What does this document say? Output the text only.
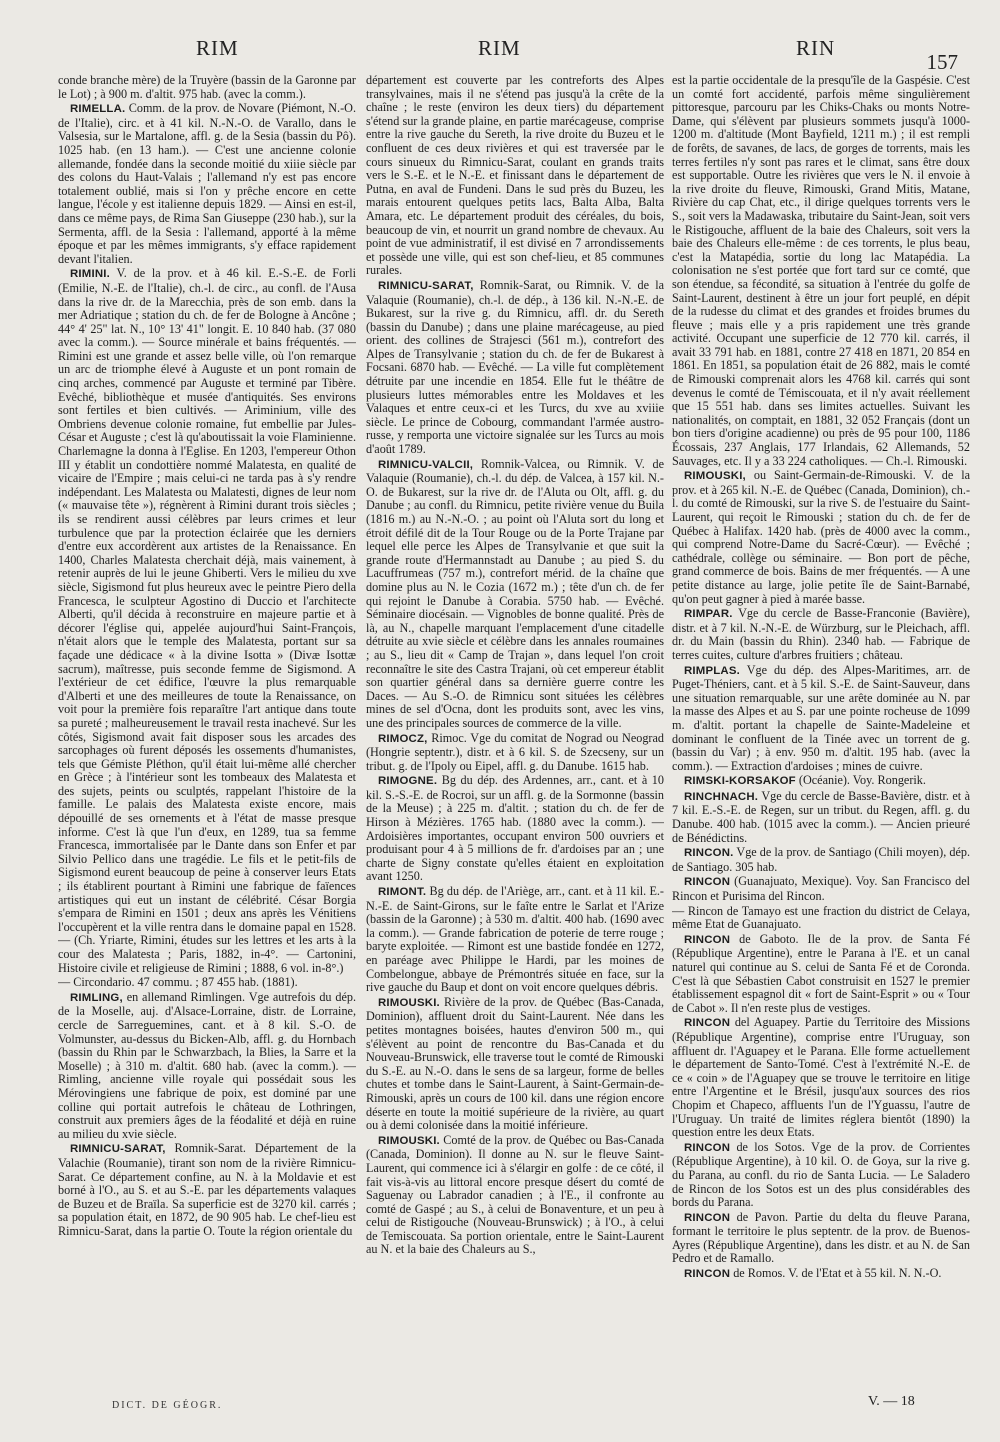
RIM	RIM	RIN
157

conde branche mère) de la Truyère (bassin de la Garonne par le Lot) ; à 900 m. d'altit. 975 hab. (avec la comm.).

RIMELLA. Comm. de la prov. de Novare (Piémont, N.-O. de l'Italie), circ. et à 41 kil. N.-N.-O. de Varallo, dans le Valsesia, sur le Martalone, affl. g. de la Sesia (bassin du Pô). 1025 hab. (en 13 ham.). — C'est une ancienne colonie allemande, fondée dans la seconde moitié du xiiie siècle par des colons du Haut-Valais ; l'allemand n'y est pas encore totalement oublié, mais si l'on y prêche encore en cette langue, l'école y est italienne depuis 1829. — Ainsi en est-il, dans ce même pays, de Rima San Giuseppe (230 hab.), sur la Sermenta, affl. de la Sesia : l'allemand, apporté à la même époque et par les mêmes immigrants, s'y efface rapidement devant l'italien.

RIMINI. V. de la prov. et à 46 kil. E.-S.-E. de Forli (Emilie, N.-E. de l'Italie), ch.-l. de circ., au confl. de l'Ausa dans la rive dr. de la Marecchia, près de son emb. dans la mer Adriatique ; station du ch. de fer de Bologne à Ancône ; 44° 4' 25" lat. N., 10° 13' 41" longit. E. 10 840 hab. (37 080 avec la comm.). — Source minérale et bains fréquentés. — Rimini est une grande et assez belle ville, où l'on remarque un arc de triomphe élevé à Auguste et un pont romain de cinq arches, commencé par Auguste et terminé par Tibère. Evêché, bibliothèque et musée d'antiquités. Ses environs sont fertiles et bien cultivés. — Ariminium, ville des Ombriens devenue colonie romaine, fut embellie par Jules-César et Auguste ; c'est là qu'aboutissait la voie Flaminienne. Charlemagne la donna à l'Eglise. En 1203, l'empereur Othon III y établit un condottière nommé Malatesta, en qualité de vicaire de l'Empire ; mais celui-ci ne tarda pas à s'y rendre indépendant. Les Malatesta ou Malatesti, dignes de leur nom (« mauvaise tête »), régnèrent à Rimini durant trois siècles ; ils se rendirent aussi célèbres par leurs crimes et leur turbulence que par la protection éclairée que les derniers d'entre eux accordèrent aux artistes de la Renaissance. En 1400, Charles Malatesta cherchait déjà, mais vainement, à retenir auprès de lui le jeune Ghiberti. Vers le milieu du xve siècle, Sigismond fut plus heureux avec le peintre Piero della Francesca, le sculpteur Agostino di Duccio et l'architecte Alberti, qu'il décida à reconstruire en majeure partie et à décorer l'église qui, appelée aujourd'hui Saint-François, n'était alors que le temple des Malatesta, portant sur sa façade une dédicace « à la divine Isotta » (Divæ Isottæ sacrum), maîtresse, puis seconde femme de Sigismond. A l'extérieur de cet édifice, l'œuvre la plus remarquable d'Alberti et une des meilleures de toute la Renaissance, on voit pour la première fois reparaître l'art antique dans toute sa pureté ; malheureusement le travail resta inachevé. Sur les côtés, Sigismond avait fait disposer sous les arcades des sarcophages où furent déposés les ossements d'humanistes, tels que Gémiste Pléthon, qu'il était lui-même allé chercher en Grèce ; à l'intérieur sont les tombeaux des Malatesta et des sujets, peints ou sculptés, rappelant l'histoire de la famille. Le palais des Malatesta existe encore, mais dépouillé de ses ornements et à l'état de masse presque informe. C'est là que l'un d'eux, en 1289, tua sa femme Francesca, immortalisée par le Dante dans son Enfer et par Silvio Pellico dans une tragédie. Le fils et le petit-fils de Sigismond eurent beaucoup de peine à conserver leurs Etats ; ils établirent pourtant à Rimini une fabrique de faïences artistiques qui eut un instant de célébrité. César Borgia s'empara de Rimini en 1501 ; deux ans après les Vénitiens l'occupèrent et la ville rentra dans le domaine papal en 1528. — (Ch. Yriarte, Rimini, études sur les lettres et les arts à la cour des Malatesta ; Paris, 1882, in-4°. — Cartonini, Histoire civile et religieuse de Rimini ; 1888, 6 vol. in-8°.)

— Circondario. 47 commu. ; 87 455 hab. (1881).

RIMLING, en allemand Rimlingen. Vge autrefois du dép. de la Moselle, auj. d'Alsace-Lorraine, distr. de Lorraine, cercle de Sarreguemines, cant. et à 8 kil. S.-O. de Volmunster, au-dessus du Bicken-Alb, affl. g. du Hornbach (bassin du Rhin par le Schwarzbach, la Blies, la Sarre et la Moselle) ; à 310 m. d'altit. 680 hab. (avec la comm.). — Rimling, ancienne ville royale qui possédait sous les Mérovingiens une fabrique de poix, est dominé par une colline qui portait autrefois le château de Lothringen, construit aux premiers âges de la féodalité et déjà en ruine au milieu du xvie siècle.

RIMNICU-SARAT, Romnik-Sarat. Département de la Valachie (Roumanie), tirant son nom de la rivière Rimnicu-Sarat. Ce département confine, au N. à la Moldavie et est borné à l'O., au S. et au S.-E. par les départements valaques de Buzeu et de Braïla. Sa superficie est de 3270 kil. carrés ; sa population était, en 1872, de 90 905 hab. Le chef-lieu est Rimnicu-Sarat, dans la partie O. Toute la région orientale du

département est couverte par les contreforts des Alpes transylvaines, mais il ne s'étend pas jusqu'à la crête de la chaîne ; le reste (environ les deux tiers) du département s'étend sur la grande plaine, en partie marécageuse, comprise entre la rive gauche du Sereth, la rive droite du Buzeu et le confluent de ces deux rivières et qui est traversée par le cours sinueux du Rimnicu-Sarat, coulant en grands traits vers le S.-E. et le N.-E. et finissant dans le département de Putna, en aval de Fundeni. Dans le sud près du Buzeu, les marais entourent quelques petits lacs, Balta Alba, Balta Amara, etc. Le département produit des céréales, du bois, beaucoup de vin, et nourrit un grand nombre de chevaux. Au point de vue administratif, il est divisé en 7 arrondissements et possède une ville, qui est son chef-lieu, et 85 communes rurales.

RIMNICU-SARAT, Romnik-Sarat, ou Rimnik. V. de la Valaquie (Roumanie), ch.-l. de dép., à 136 kil. N.-N.-E. de Bukarest, sur la rive g. du Rimnicu, affl. dr. du Sereth (bassin du Danube) ; dans une plaine marécageuse, au pied orient. des collines de Strajesci (561 m.), contrefort des Alpes de Transylvanie ; station du ch. de fer de Bukarest à Focsani. 6870 hab. — Evêché. — La ville fut complètement détruite par une incendie en 1854. Elle fut le théâtre de plusieurs luttes mémorables entre les Moldaves et les Valaques et entre ceux-ci et les Turcs, du xve au xviiie siècle. Le prince de Cobourg, commandant l'armée austro-russe, y remporta une victoire signalée sur les Turcs au mois d'août 1789.

RIMNICU-VALCII, Romnik-Valcea, ou Rimnik. V. de Valaquie (Roumanie), ch.-l. du dép. de Valcea, à 157 kil. N.-O. de Bukarest, sur la rive dr. de l'Aluta ou Olt, affl. g. du Danube ; au confl. du Rimnicu, petite rivière venue du Buila (1816 m.) au N.-N.-O. ; au point où l'Aluta sort du long et étroit défilé dit de la Tour Rouge ou de la Porte Trajane par lequel elle perce les Alpes de Transylvanie et que suit la grande route d'Hermannstadt au Danube ; au pied S. du Lacuffrumeas (757 m.), contrefort mérid. de la chaîne que domine plus au N. le Cozia (1672 m.) ; tête d'un ch. de fer qui rejoint le Danube à Corabia. 5750 hab. — Evêché. Séminaire diocésain. — Vignobles de bonne qualité. Près de là, au N., chapelle marquant l'emplacement d'une citadelle détruite au xvie siècle et célèbre dans les annales roumaines ; au S., lieu dit « Camp de Trajan », dans lequel l'on croit reconnaître le site des Castra Trajani, où cet empereur établit son quartier général dans sa dernière guerre contre les Daces. — Au S.-O. de Rimnicu sont situées les célèbres mines de sel d'Ocna, dont les produits sont, avec les vins, une des principales sources de commerce de la ville.

RIMOCZ, Rimoc. Vge du comitat de Nograd ou Neograd (Hongrie septentr.), distr. et à 6 kil. S. de Szecseny, sur un tribut. g. de l'Ipoly ou Eipel, affl. g. du Danube. 1615 hab.

RIMOGNE. Bg du dép. des Ardennes, arr., cant. et à 10 kil. S.-S.-E. de Rocroi, sur un affl. g. de la Sormonne (bassin de la Meuse) ; à 225 m. d'altit. ; station du ch. de fer de Hirson à Mézières. 1765 hab. (1880 avec la comm.). — Ardoisières importantes, occupant environ 500 ouvriers et produisant pour 4 à 5 millions de fr. d'ardoises par an ; une charte de Signy constate qu'elles étaient en exploitation avant 1250.

RIMONT. Bg du dép. de l'Ariège, arr., cant. et à 11 kil. E.-N.-E. de Saint-Girons, sur le faîte entre le Sarlat et l'Arize (bassin de la Garonne) ; à 530 m. d'altit. 400 hab. (1690 avec la comm.). — Grande fabrication de poterie de terre rouge ; baryte exploitée. — Rimont est une bastide fondée en 1272, en paréage avec Philippe le Hardi, par les moines de Combelongue, abbaye de Prémontrés située en face, sur la rive gauche du Baup et dont on voit encore quelques débris.

RIMOUSKI. Rivière de la prov. de Québec (Bas-Canada, Dominion), affluent droit du Saint-Laurent. Née dans les petites montagnes boisées, hautes d'environ 500 m., qui s'élèvent au point de rencontre du Bas-Canada et du Nouveau-Brunswick, elle traverse tout le comté de Rimouski du S.-E. au N.-O. dans le sens de sa largeur, forme de belles chutes et tombe dans le Saint-Laurent, à Saint-Germain-de-Rimouski, après un cours de 100 kil. dans une région encore déserte en toute la moitié supérieure de la rivière, au quart ou à demi colonisée dans la moitié inférieure.

RIMOUSKI. Comté de la prov. de Québec ou Bas-Canada (Canada, Dominion). Il donne au N. sur le fleuve Saint-Laurent, qui commence ici à s'élargir en golfe : de ce côté, il fait vis-à-vis au littoral encore presque désert du comté de Saguenay ou Labrador canadien ; à l'E., il confronte au comté de Gaspé ; au S., à celui de Bonaventure, et un peu à celui de Ristigouche (Nouveau-Brunswick) ; à l'O., à celui de Temiscouata. Sa portion orientale, entre le Saint-Laurent au N. et la baie des Chaleurs au S.,

est la partie occidentale de la presqu'île de la Gaspésie. C'est un comté fort accidenté, parfois même singulièrement pittoresque, parcouru par les Chiks-Chaks ou monts Notre-Dame, qui s'élèvent par plusieurs sommets jusqu'à 1000-1200 m. d'altitude (Mont Bayfield, 1211 m.) ; il est rempli de forêts, de savanes, de lacs, de gorges de torrents, mais les terres fertiles n'y sont pas rares et le climat, sans être doux est supportable. Outre les rivières que vers le N. il envoie à la rive droite du fleuve, Rimouski, Grand Mitis, Matane, Rivière du cap Chat, etc., il dirige quelques torrents vers le S., soit vers la Madawaska, tributaire du Saint-Jean, soit vers le Ristigouche, affluent de la baie des Chaleurs, soit vers la baie des Chaleurs elle-même : de ces torrents, le plus beau, c'est la Matapédia, sortie du long lac Matapédia. La colonisation ne s'est portée que fort tard sur ce comté, que son étendue, sa fécondité, sa situation à l'entrée du golfe de Saint-Laurent, destinent à être un jour fort peuplé, en dépit de la rudesse du climat et des grandes et froides brumes du fleuve ; mais elle y a pris rapidement une très grande activité. Occupant une superficie de 12 770 kil. carrés, il avait 33 791 hab. en 1881, contre 27 418 en 1871, 20 854 en 1861. En 1851, sa population était de 26 882, mais le comté de Rimouski comprenait alors les 4768 kil. carrés qui sont devenus le comté de Témiscouata, et il n'y avait réellement que 15 551 hab. dans ses limites actuelles. Suivant les nationalités, on comptait, en 1881, 32 052 Français (dont un bon tiers d'origine acadienne) ou près de 95 pour 100, 1186 Écossais, 237 Anglais, 177 Irlandais, 62 Allemands, 52 Sauvages, etc. Il y a 33 224 catholiques. — Ch.-l. Rimouski.

RIMOUSKI, ou Saint-Germain-de-Rimouski. V. de la prov. et à 265 kil. N.-E. de Québec (Canada, Dominion), ch.-l. du comté de Rimouski, sur la rive S. de l'estuaire du Saint-Laurent, qui reçoit le Rimouski ; station du ch. de fer de Québec à Halifax. 1420 hab. (près de 4000 avec la comm., qui comprend Notre-Dame du Sacré-Cœur). — Evêché ; cathédrale, collège ou séminaire. — Bon port de pêche, grand commerce de bois. Bains de mer fréquentés. — A une petite distance au large, jolie petite île de Saint-Barnabé, qu'on peut gagner à pied à marée basse.

RIMPAR. Vge du cercle de Basse-Franconie (Bavière), distr. et à 7 kil. N.-N.-E. de Würzburg, sur le Pleichach, affl. dr. du Main (bassin du Rhin). 2340 hab. — Fabrique de terres cuites, culture d'arbres fruitiers ; château.

RIMPLAS. Vge du dép. des Alpes-Maritimes, arr. de Puget-Théniers, cant. et à 5 kil. S.-E. de Saint-Sauveur, dans une situation remarquable, sur une arête dominée au N. par la masse des Alpes et au S. par une pointe rocheuse de 1099 m. d'altit. portant la chapelle de Sainte-Madeleine et dominant le confluent de la Tinée avec un torrent de g. (bassin du Var) ; à env. 950 m. d'altit. 195 hab. (avec la comm.). — Extraction d'ardoises ; mines de cuivre.

RIMSKI-KORSAKOF (Océanie). Voy. Rongerik.

RINCHNACH. Vge du cercle de Basse-Bavière, distr. et à 7 kil. E.-S.-E. de Regen, sur un tribut. du Regen, affl. g. du Danube. 400 hab. (1015 avec la comm.). — Ancien prieuré de Bénédictins.

RINCON. Vge de la prov. de Santiago (Chili moyen), dép. de Santiago. 305 hab.

RINCON (Guanajuato, Mexique). Voy. San Francisco del Rincon et Purisima del Rincon.

— Rincon de Tamayo est une fraction du district de Celaya, même Etat de Guanajuato.

RINCON de Gaboto. Ile de la prov. de Santa Fé (République Argentine), entre le Parana à l'E. et un canal naturel qui continue au S. celui de Santa Fé et de Coronda. C'est là que Sébastien Cabot construisit en 1527 le premier établissement espagnol dit « fort de Saint-Esprit » ou « Tour de Cabot ». Il n'en reste plus de vestiges.

RINCON del Aguapey. Partie du Territoire des Missions (République Argentine), comprise entre l'Uruguay, son affluent dr. l'Aguapey et le Parana. Elle forme actuellement le département de Santo-Tomé. C'est à l'extrémité N.-E. de ce « coin » de l'Aguapey que se trouve le territoire en litige entre l'Argentine et le Brésil, jusqu'aux sources des rios Chopim et Chapeco, affluents l'un de l'Yguassu, l'autre de l'Uruguay. Un traité de limites réglera bientôt (1890) la question entre les deux Etats.

RINCON de los Sotos. Vge de la prov. de Corrientes (République Argentine), à 10 kil. O. de Goya, sur la rive g. du Parana, au confl. du rio de Santa Lucia. — Le Saladero de Rincon de los Sotos est un des plus considérables des bords du Parana.

RINCON de Pavon. Partie du delta du fleuve Parana, formant le territoire le plus septentr. de la prov. de Buenos-Ayres (République Argentine), dans les distr. et au N. de San Pedro et de Ramallo.

RINCON de Romos. V. de l'Etat et à 55 kil. N. N.-O.

DICT. DE GÉOGR.	V. — 18
